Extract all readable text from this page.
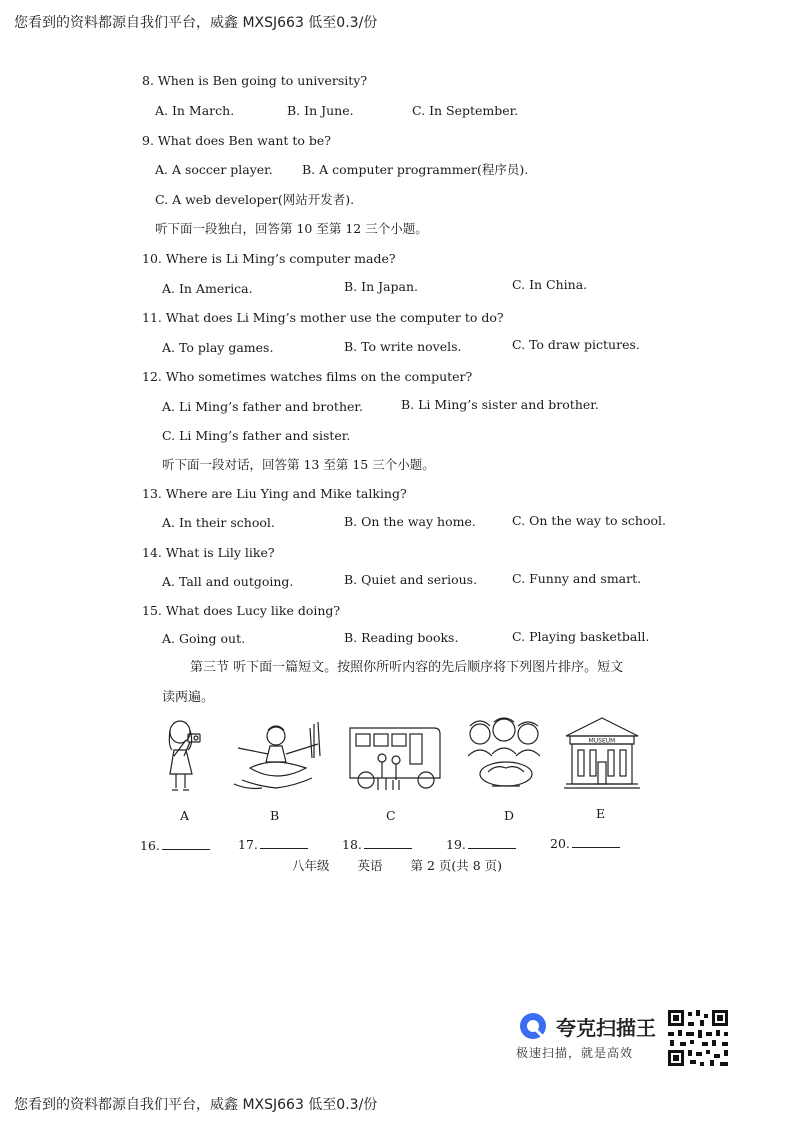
您看到的资料都源自我们平台，威鑫 MXSJ663 低至0.3/份
8. When is Ben going to university?
A. In March.	B. In June.	C. In September.
9. What does Ben want to be?
A. A soccer player. B. A computer programmer(程序员).
C. A web developer(网站开发者).
听下面一段独白，回答第 10 至第 12 三个小题。
10. Where is Li Ming’s computer made?
A. In America.	B. In Japan.	C. In China.
11. What does Li Ming’s mother use the computer to do?
A. To play games.	B. To write novels.	C. To draw pictures.
12. Who sometimes watches films on the computer?
A. Li Ming’s father and brother.	B. Li Ming’s sister and brother.
C. Li Ming’s father and sister.
听下面一段对话，回答第 13 至第 15 三个小题。
13. Where are Liu Ying and Mike talking?
A. In their school.	B. On the way home.	C. On the way to school.
14. What is Lily like?
A. Tall and outgoing.	B. Quiet and serious.	C. Funny and smart.
15. What does Lucy like doing?
A. Going out.	B. Reading books.	C. Playing basketball.
第三节 听下面一篇短文。按照你所听内容的先后顺序将下列图片排序。短文
读两遍。
A	B	C	D
MUSEUM
E
16.	17.	18.	19.	20.
八年级 英语 第 2 页(共 8 页)
夸克扫描王
极速扫描，就是高效
您看到的资料都源自我们平台，威鑫 MXSJ663 低至0.3/份
